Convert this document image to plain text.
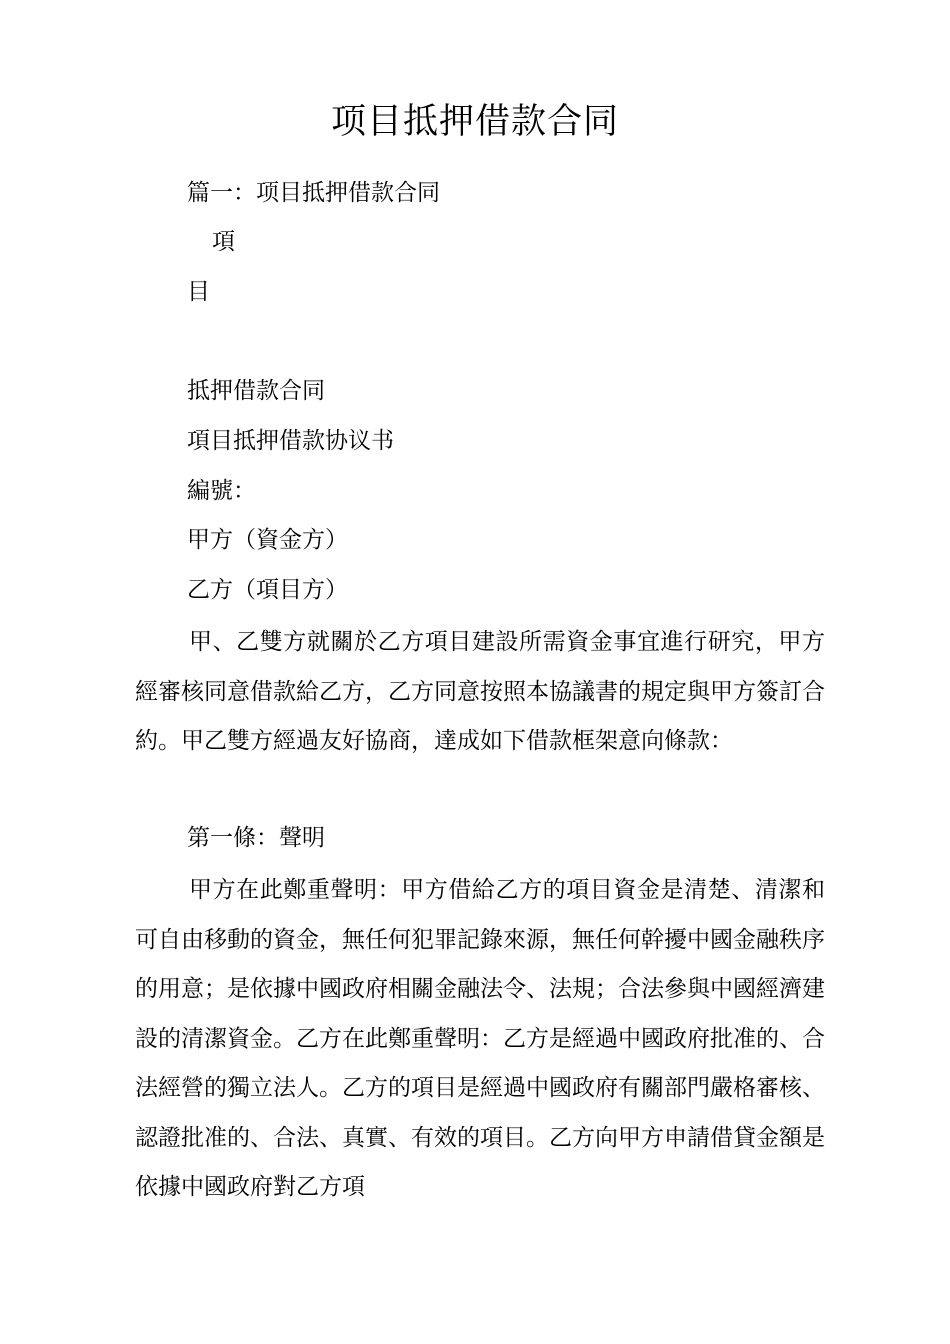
项目抵押借款合同
篇一：项目抵押借款合同
項
目
抵押借款合同
項目抵押借款协议书
編號：
甲方（資金方）
乙方（項目方）
甲、乙雙方就關於乙方項目建設所需資金事宜進行研究，甲方經審核同意借款給乙方，乙方同意按照本協議書的規定與甲方簽訂合約。甲乙雙方經過友好協商，達成如下借款框架意向條款：
第一條：聲明
甲方在此鄭重聲明：甲方借給乙方的項目資金是清楚、清潔和可自由移動的資金，無任何犯罪記錄來源，無任何幹擾中國金融秩序的用意；是依據中國政府相關金融法令、法規；合法參與中國經濟建設的清潔資金。乙方在此鄭重聲明：乙方是經過中國政府批准的、合法經營的獨立法人。乙方的項目是經過中國政府有關部門嚴格審核、認證批准的、合法、真實、有效的項目。乙方向甲方申請借貸金額是依據中國政府對乙方項
